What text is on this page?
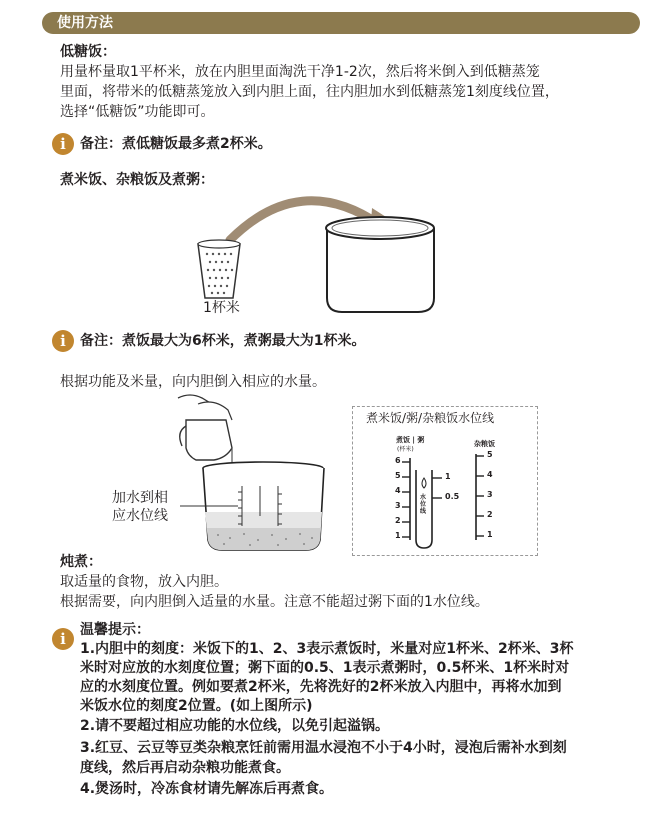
使用方法
低糖饭：
用量杯量取1平杯米，放在内胆里面淘洗干净1-2次，然后将米倒入到低糖蒸笼
里面，将带米的低糖蒸笼放入到内胆上面，往内胆加水到低糖蒸笼1刻度线位置，
选择“低糖饭”功能即可。
i	备注：煮低糖饭最多煮2杯米。
煮米饭、杂粮饭及煮粥：
1杯米
i	备注：煮饭最大为6杯米，煮粥最大为1杯米。
根据功能及米量，向内胆倒入相应的水量。
加水到相
应水位线
煮米饭/粥/杂粮饭水位线
煮饭 | 粥
(杯米)
杂粮饭
6
5
4
3
2
1
1
0.5
水位线
5
4
3
2
1
炖煮：
取适量的食物，放入内胆。
根据需要，向内胆倒入适量的水量。注意不能超过粥下面的1水位线。
i	温馨提示：
1.内胆中的刻度：米饭下的1、2、3表示煮饭时，米量对应1杯米、2杯米、3杯
米时对应放的水刻度位置；粥下面的0.5、1表示煮粥时，0.5杯米、1杯米时对
应的水刻度位置。例如要煮2杯米，先将洗好的2杯米放入内胆中，再将水加到
米饭水位的刻度2位置。(如上图所示)
2.请不要超过相应功能的水位线，以免引起溢锅。
3.红豆、云豆等豆类杂粮烹饪前需用温水浸泡不小于4小时，浸泡后需补水到刻
度线，然后再启动杂粮功能煮食。
4.煲汤时，冷冻食材请先解冻后再煮食。
